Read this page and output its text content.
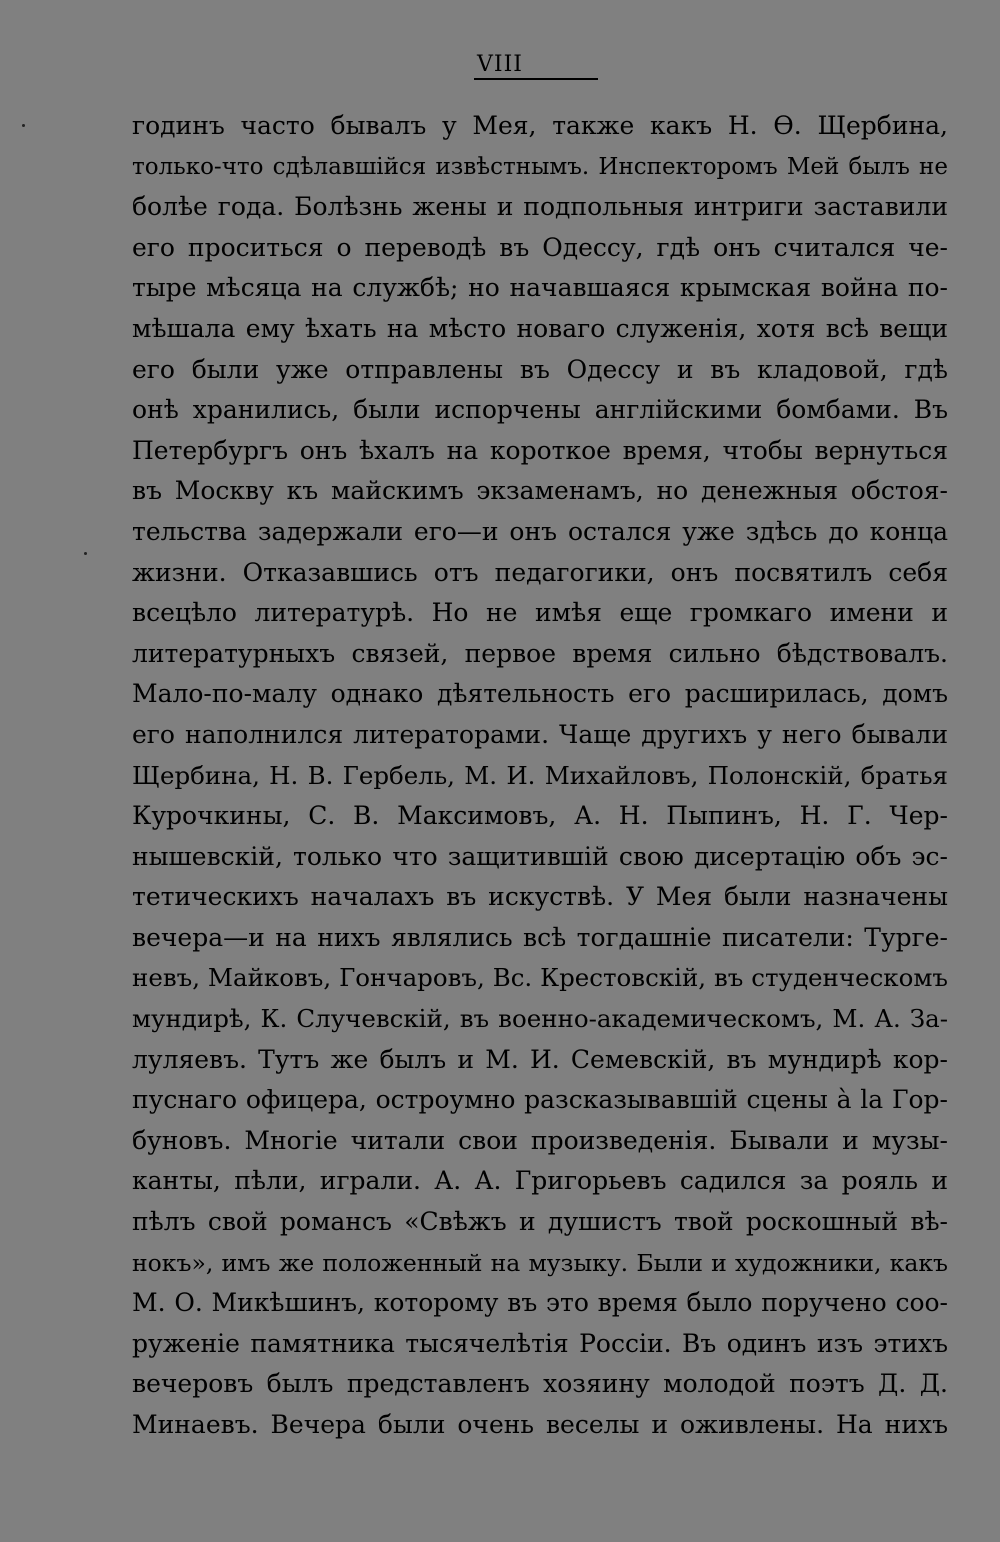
VIII
годинъ часто бывалъ у Мея, также какъ Н. Ѳ. Щербина,
только-что сдѣлавшійся извѣстнымъ. Инспекторомъ Мей былъ не
болѣе года. Болѣзнь жены и подпольныя интриги заставили
его проситься о переводѣ въ Одессу, гдѣ онъ считался че-
тыре мѣсяца на службѣ; но начавшаяся крымская война по-
мѣшала ему ѣхать на мѣсто новаго служенія, хотя всѣ вещи
его были уже отправлены въ Одессу и въ кладовой, гдѣ
онѣ хранились, были испорчены англійскими бомбами. Въ
Петербургъ онъ ѣхалъ на короткое время, чтобы вернуться
въ Москву къ майскимъ экзаменамъ, но денежныя обстоя-
тельства задержали его—и онъ остался уже здѣсь до конца
жизни. Отказавшись отъ педагогики, онъ посвятилъ себя
всецѣло литературѣ. Но не имѣя еще громкаго имени и
литературныхъ связей, первое время сильно бѣдствовалъ.
Мало-по-малу однако дѣятельность его расширилась, домъ
его наполнился литераторами. Чаще другихъ у него бывали
Щербина, Н. В. Гербель, М. И. Михайловъ, Полонскій, братья
Курочкины, С. В. Максимовъ, А. Н. Пыпинъ, Н. Г. Чер-
нышевскій, только что защитившій свою дисертацію объ эс-
тетическихъ началахъ въ искуствѣ. У Мея были назначены
вечера—и на нихъ являлись всѣ тогдашніе писатели: Турге-
невъ, Майковъ, Гончаровъ, Вс. Крестовскій, въ студенческомъ
мундирѣ, К. Случевскій, въ военно-академическомъ, М. А. За-
луляевъ. Тутъ же былъ и М. И. Семевскій, въ мундирѣ кор-
пуснаго офицера, остроумно разсказывавшій сцены à la Гор-
буновъ. Многіе читали свои произведенія. Бывали и музы-
канты, пѣли, играли. А. А. Григорьевъ садился за рояль и
пѣлъ свой романсъ «Свѣжъ и душистъ твой роскошный вѣ-
нокъ», имъ же положенный на музыку. Были и художники, какъ
М. О. Микѣшинъ, которому въ это время было поручено соо-
руженіе памятника тысячелѣтія Россіи. Въ одинъ изъ этихъ
вечеровъ былъ представленъ хозяину молодой поэтъ Д. Д.
Минаевъ. Вечера были очень веселы и оживлены. На нихъ
